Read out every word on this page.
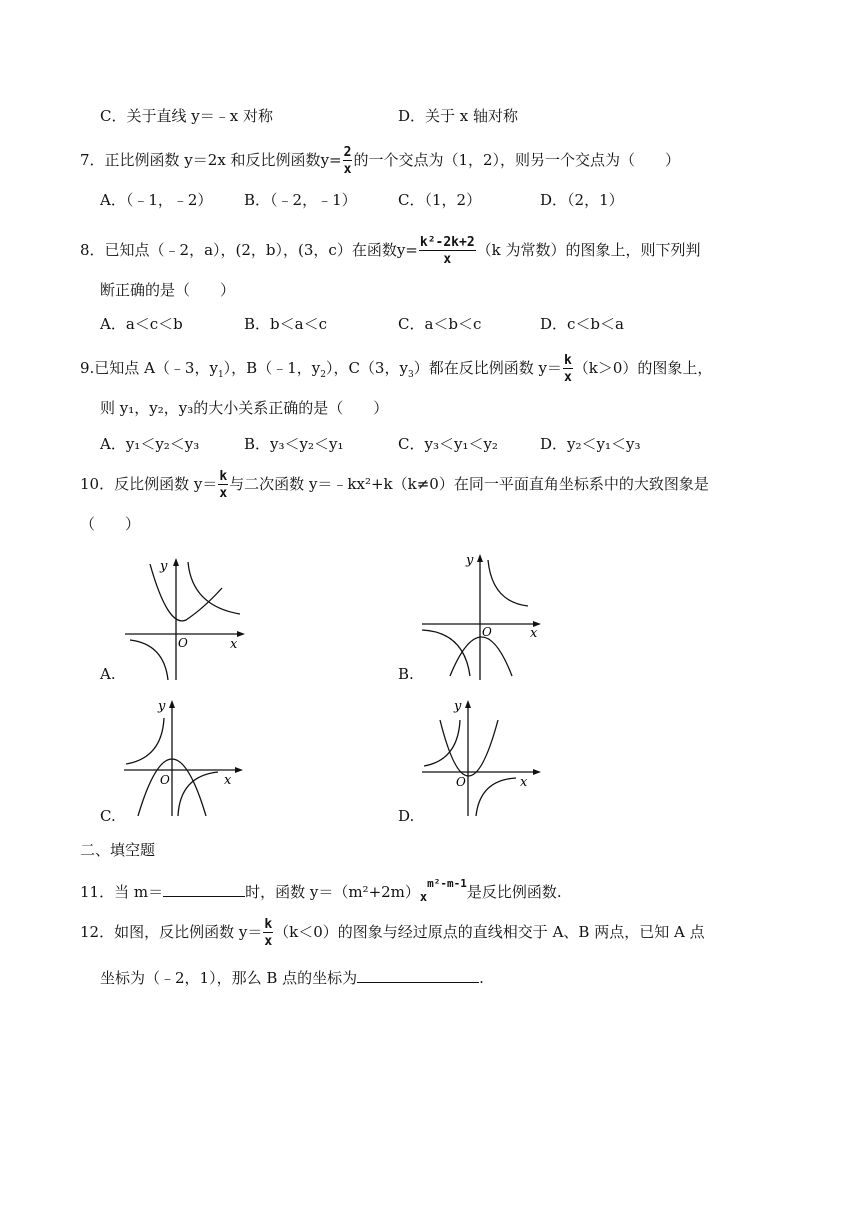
C．关于直线 y＝﹣x 对称	D．关于 x 轴对称
7．正比例函数 y＝2x 和反比例函数$y= \frac{2}{x}$ 的一个交点为（1，2），则另一个交点为（　　）
A．（﹣1，﹣2） B．（﹣2，﹣1）	C．（1，2）	D．（2，1）
8．已知点（﹣2，a），(2，b），(3，c）在函数$y= \frac{\text{k²-2k+2}}{x} (k$ 为常数）的图象上，则下列判
断正确的是（　　）
A．a＜c＜b	B．b＜a＜c	C．a＜b＜c	D．c＜b＜a
9.已知点 A（﹣3，$y_1$），B（﹣1，$y_2$），C（3，$y_3$）都在反比例函数 $y= \frac{k}{x} (k>0)$的图象上，
则 y₁，y₂，y₃的大小关系正确的是（　　）
A．y₁＜y₂＜y₃	B．y₃＜y₂＜y₁	C．y₃＜y₁＜y₂	D．y₂＜y₁＜y₃
10．反比例函数 $y= \frac{k}{x}$ 与二次函数 y＝﹣kx²+k（k≠0）在同一平面直角坐标系中的大致图象是
（　　）
y
x
O
A.
y
x
O
B.
y
x
O
C.
y
x
O
D.
二、填空题
11．当 m＝	时，函数 $y=(m^2+2m)_x^{m^2-m-1}$是反比例函数.
12．如图，反比例函数 $y= \frac{k}{x} (k<0)$的图象与经过原点的直线相交于 A、B 两点，已知 A 点
坐标为（﹣2，1），那么 B 点的坐标为	.
